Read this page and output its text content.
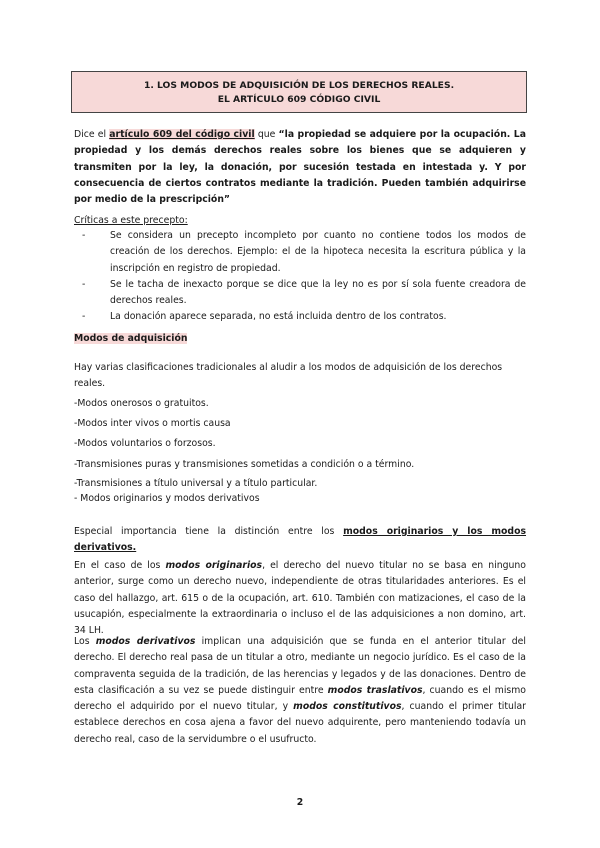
1. LOS MODOS DE ADQUISICIÓN DE LOS DERECHOS REALES.
EL ARTÍCULO 609 CÓDIGO CIVIL
Dice el artículo 609 del código civil que “la propiedad se adquiere por la ocupación. La propiedad y los demás derechos reales sobre los bienes que se adquieren y transmiten por la ley, la donación, por sucesión testada en intestada y. Y por consecuencia de ciertos contratos mediante la tradición. Pueden también adquirirse por medio de la prescripción”
Críticas a este precepto:
-	Se considera un precepto incompleto por cuanto no contiene todos los modos de creación de los derechos. Ejemplo: el de la hipoteca necesita la escritura pública y la inscripción en registro de propiedad.
-	Se le tacha de inexacto porque se dice que la ley no es por sí sola fuente creadora de derechos reales.
-	La donación aparece separada, no está incluida dentro de los contratos.
Modos de adquisición
Hay varias clasificaciones tradicionales al aludir a los modos de adquisición de los derechos reales.
-Modos onerosos o gratuitos.
-Modos inter vivos o mortis causa
-Modos voluntarios o forzosos.
-Transmisiones puras y transmisiones sometidas a condición o a término.
-Transmisiones a título universal y a título particular.
- Modos originarios y modos derivativos
Especial importancia tiene la distinción entre los modos originarios y los modos derivativos.
En el caso de los modos originarios, el derecho del nuevo titular no se basa en ninguno anterior, surge como un derecho nuevo, independiente de otras titularidades anteriores. Es el caso del hallazgo, art. 615 o de la ocupación, art. 610. También con matizaciones, el caso de la usucapión, especialmente la extraordinaria o incluso el de las adquisiciones a non domino, art. 34 LH.
Los modos derivativos implican una adquisición que se funda en el anterior titular del derecho. El derecho real pasa de un titular a otro, mediante un negocio jurídico. Es el caso de la compraventa seguida de la tradición, de las herencias y legados y de las donaciones. Dentro de esta clasificación a su vez se puede distinguir entre modos traslativos, cuando es el mismo derecho el adquirido por el nuevo titular, y modos constitutivos, cuando el primer titular establece derechos en cosa ajena a favor del nuevo adquirente, pero manteniendo todavía un derecho real, caso de la servidumbre o el usufructo.
2
